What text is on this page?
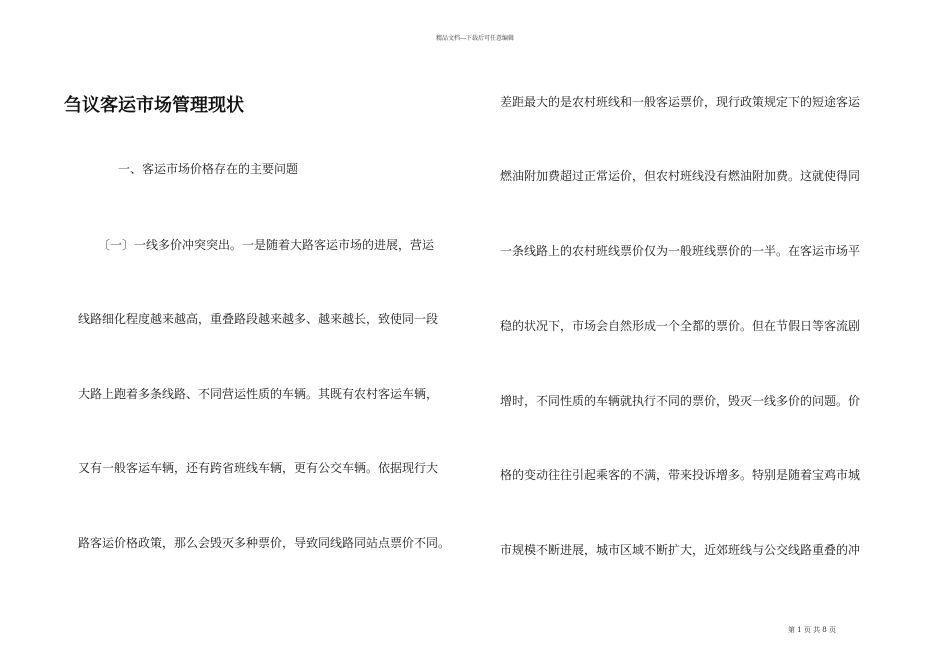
精品文档---下载后可任意编辑
刍议客运市场管理现状
一、客运市场价格存在的主要问题
〔一〕一线多价冲突突出。一是随着大路客运市场的进展，营运
线路细化程度越来越高，重叠路段越来越多、越来越长，致使同一段
大路上跑着多条线路、不同营运性质的车辆。其既有农村客运车辆，
又有一般客运车辆，还有跨省班线车辆，更有公交车辆。依据现行大
路客运价格政策，那么会毁灭多种票价，导致同线路同站点票价不同。
差距最大的是农村班线和一般客运票价，现行政策规定下的短途客运
燃油附加费超过正常运价，但农村班线没有燃油附加费。这就使得同
一条线路上的农村班线票价仅为一般班线票价的一半。在客运市场平
稳的状况下，市场会自然形成一个全都的票价。但在节假日等客流剧
增时，不同性质的车辆就执行不同的票价，毁灭一线多价的问题。价
格的变动往往引起乘客的不满，带来投诉增多。特别是随着宝鸡市城
市规模不断进展，城市区域不断扩大，近郊班线与公交线路重叠的冲
第 1 页 共 8 页
